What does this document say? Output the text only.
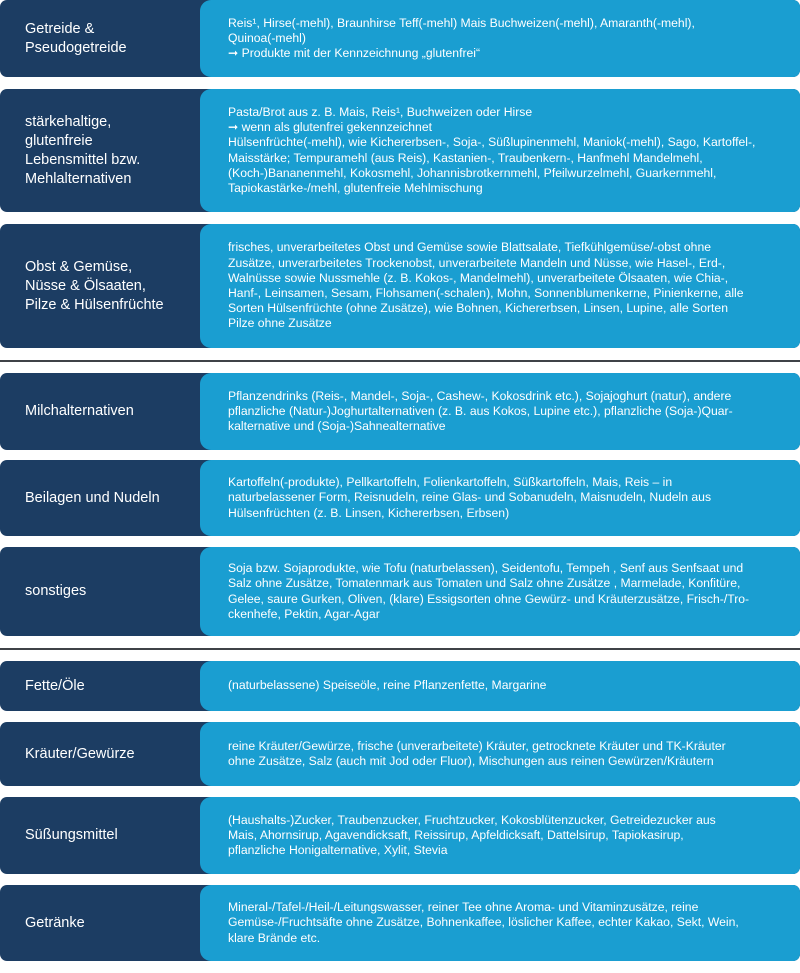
Getreide &
Pseudogetreide
Reis¹, Hirse(-mehl), Braunhirse Teff(-mehl) Mais Buchweizen(-mehl), Amaranth(-mehl),
Quinoa(-mehl)
➞ Produkte mit der Kennzeichnung „glutenfrei“
stärkehaltige,
glutenfreie
Lebensmittel bzw.
Mehlalternativen
Pasta/Brot aus z. B. Mais, Reis¹, Buchweizen oder Hirse
➞ wenn als glutenfrei gekennzeichnet
Hülsenfrüchte(-mehl), wie Kichererbsen-, Soja-, Süßlupinenmehl, Maniok(-mehl), Sago, Kartoffel-,
Maisstärke; Tempuramehl (aus Reis), Kastanien-, Traubenkern-, Hanfmehl Mandelmehl,
(Koch-)Bananenmehl, Kokosmehl, Johannisbrotkernmehl, Pfeilwurzelmehl, Guarkernmehl,
Tapiokastärke-/mehl, glutenfreie Mehlmischung
Obst & Gemüse,
Nüsse & Ölsaaten,
Pilze & Hülsenfrüchte
frisches, unverarbeitetes Obst und Gemüse sowie Blattsalate, Tiefkühlgemüse/-obst ohne
Zusätze, unverarbeitetes Trockenobst, unverarbeitete Mandeln und Nüsse, wie Hasel-, Erd-,
Walnüsse sowie Nussmehle (z. B. Kokos-, Mandelmehl), unverarbeitete Ölsaaten, wie Chia-,
Hanf-, Leinsamen, Sesam, Flohsamen(-schalen), Mohn, Sonnenblumenkerne, Pinienkerne, alle
Sorten Hülsenfrüchte (ohne Zusätze), wie Bohnen, Kichererbsen, Linsen, Lupine, alle Sorten
Pilze ohne Zusätze
Milchalternativen
Pflanzendrinks (Reis-, Mandel-, Soja-, Cashew-, Kokosdrink etc.), Sojajoghurt (natur), andere
pflanzliche (Natur-)Joghurtalternativen (z. B. aus Kokos, Lupine etc.), pflanzliche (Soja-)Quar-
kalternative und (Soja-)Sahnealternative
Beilagen und Nudeln
Kartoffeln(-produkte), Pellkartoffeln, Folienkartoffeln, Süßkartoffeln, Mais, Reis – in
naturbelassener Form, Reisnudeln, reine Glas- und Sobanudeln, Maisnudeln, Nudeln aus
Hülsenfrüchten (z. B. Linsen, Kichererbsen, Erbsen)
sonstiges
Soja bzw. Sojaprodukte, wie Tofu (naturbelassen), Seidentofu, Tempeh , Senf aus Senfsaat und
Salz ohne Zusätze, Tomatenmark aus Tomaten und Salz ohne Zusätze , Marmelade, Konfitüre,
Gelee, saure Gurken, Oliven, (klare) Essigsorten ohne Gewürz- und Kräuterzusätze, Frisch-/Tro-
ckenhefe, Pektin, Agar-Agar
Fette/Öle	(naturbelassene) Speiseöle, reine Pflanzenfette, Margarine
Kräuter/Gewürze	reine Kräuter/Gewürze, frische (unverarbeitete) Kräuter, getrocknete Kräuter und TK-Kräuter
ohne Zusätze, Salz (auch mit Jod oder Fluor), Mischungen aus reinen Gewürzen/Kräutern
Süßungsmittel
(Haushalts-)Zucker, Traubenzucker, Fruchtzucker, Kokosblütenzucker, Getreidezucker aus
Mais, Ahornsirup, Agavendicksaft, Reissirup, Apfeldicksaft, Dattelsirup, Tapiokasirup,
pflanzliche Honigalternative, Xylit, Stevia
Getränke
Mineral-/Tafel-/Heil-/Leitungswasser, reiner Tee ohne Aroma- und Vitaminzusätze, reine
Gemüse-/Fruchtsäfte ohne Zusätze, Bohnenkaffee, löslicher Kaffee, echter Kakao, Sekt, Wein,
klare Brände etc.
